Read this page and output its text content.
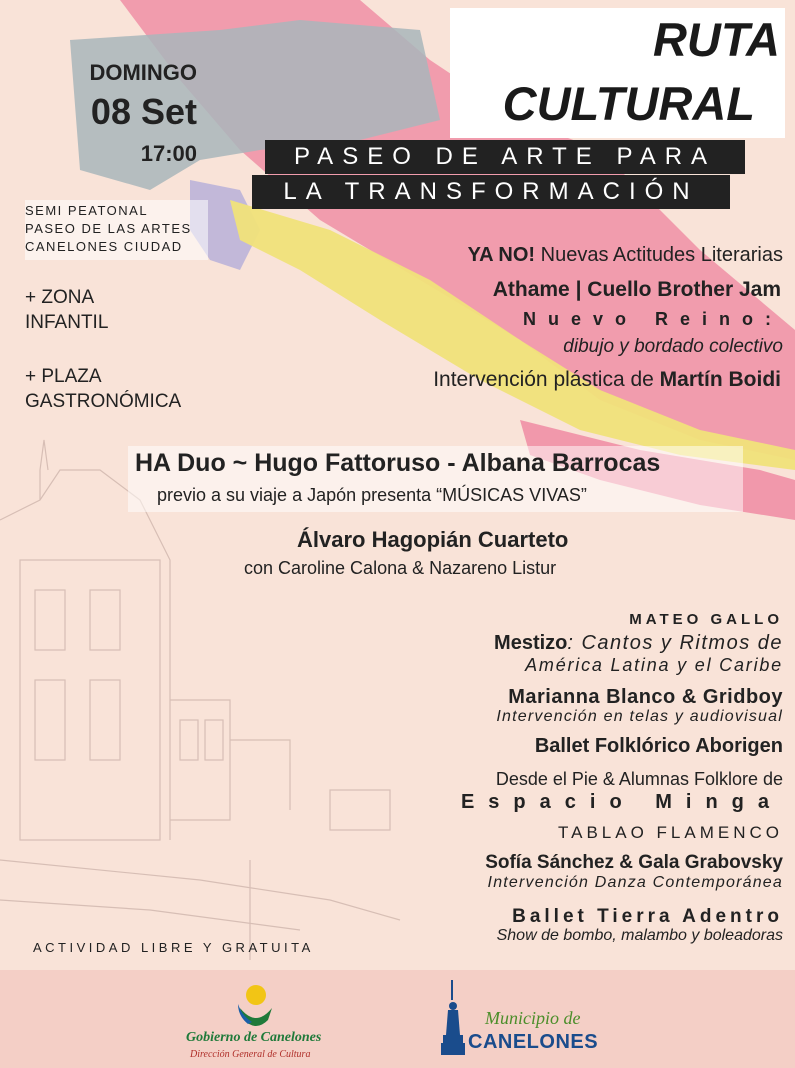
RUTA
CULTURAL
PASEO DE ARTE PARA
LA TRANSFORMACIÓN
DOMINGO
08 Set
17:00
SEMI PEATONAL
PASEO DE LAS ARTES
CANELONES CIUDAD
+ ZONA
INFANTIL
+ PLAZA
GASTRONÓMICA
YA NO! Nuevas Actitudes Literarias
Athame | Cuello Brother Jam
Nuevo Reino:
dibujo y bordado colectivo
Intervención plástica de Martín Boidi
HA Duo ~ Hugo Fattoruso - Albana Barrocas
previo a su viaje a Japón presenta “MÚSICAS VIVAS”
Álvaro Hagopián Cuarteto
con Caroline Calona & Nazareno Listur
MATEO GALLO
Mestizo: Cantos y Ritmos de
América Latina y el Caribe
Marianna Blanco & Gridboy
Intervención en telas y audiovisual
Ballet Folklórico Aborigen
Desde el Pie & Alumnas Folklore de
Espacio Minga
TABLAO FLAMENCO
Sofía Sánchez & Gala Grabovsky
Intervención Danza Contemporánea
Ballet Tierra Adentro
Show de bombo, malambo y boleadoras
ACTIVIDAD LIBRE Y GRATUITA
Gobierno de Canelones
Dirección General de Cultura
Municipio de
CANELONES
